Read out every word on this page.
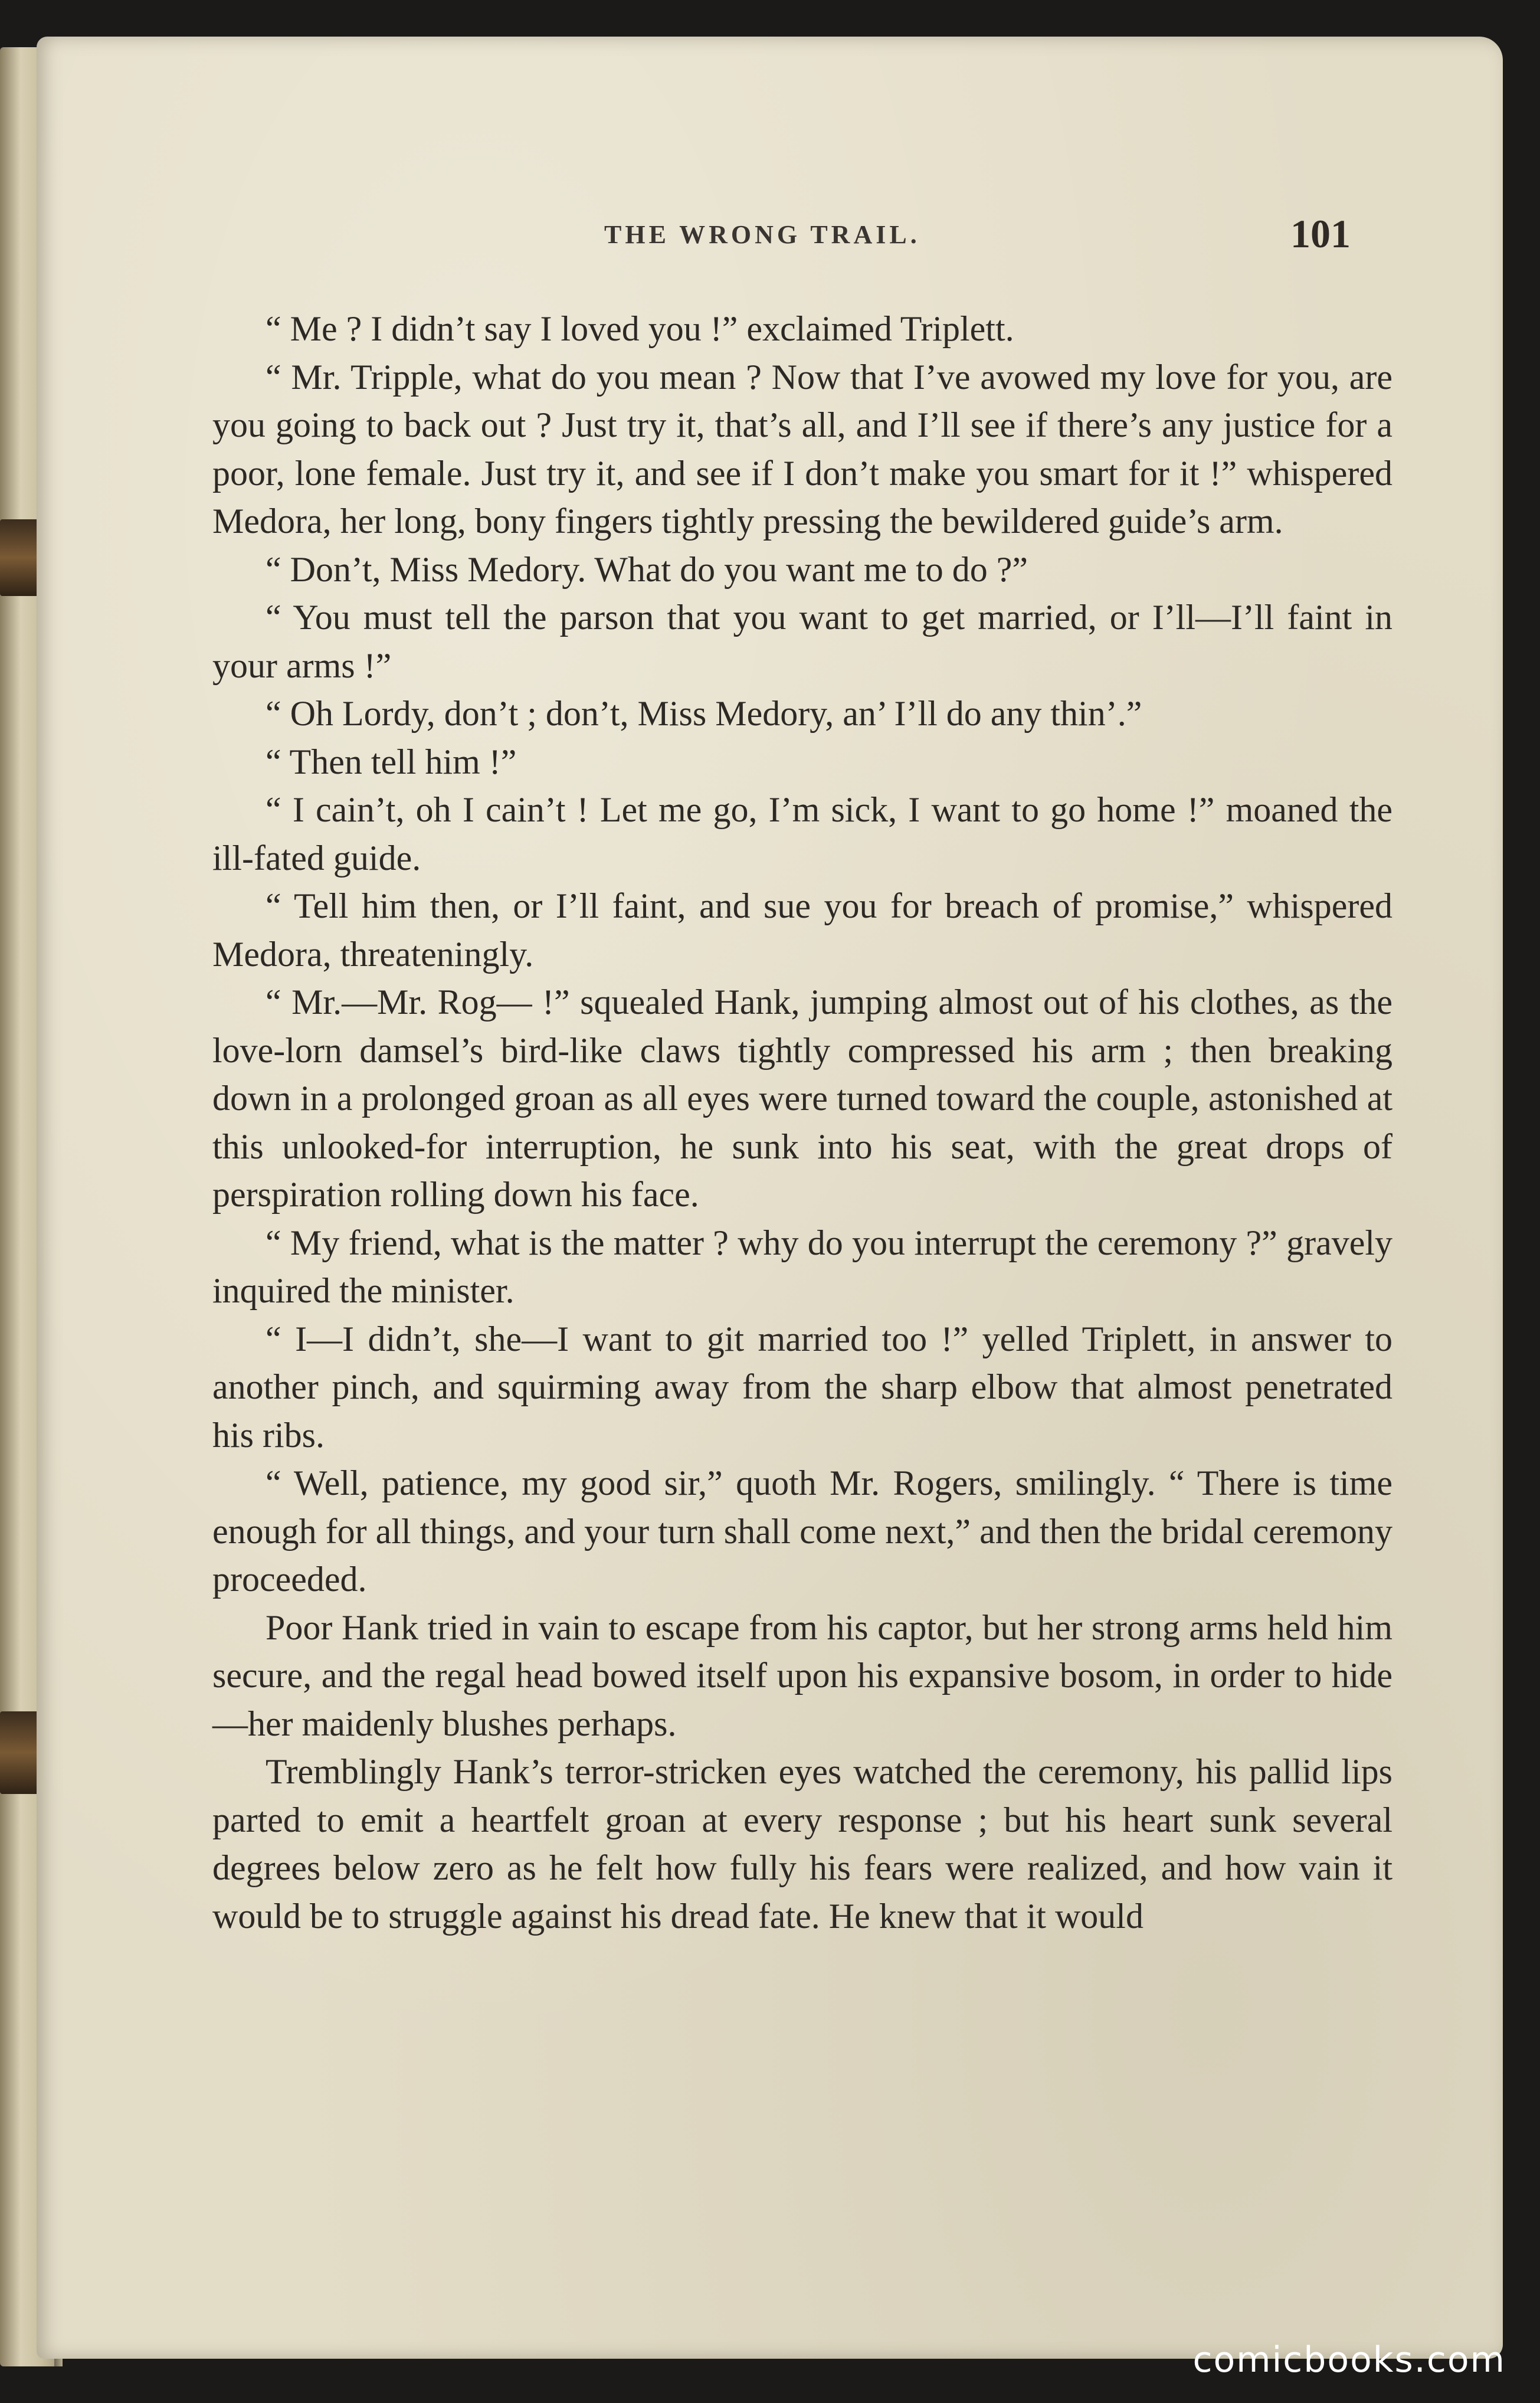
THE WRONG TRAIL.	101

“ Me ? I didn’t say I loved you !” exclaimed Triplett.

“ Mr. Tripple, what do you mean ? Now that I’ve avowed my love for you, are you going to back out ? Just try it, that’s all, and I’ll see if there’s any justice for a poor, lone female. Just try it, and see if I don’t make you smart for it !” whispered Medora, her long, bony fingers tightly pressing the bewildered guide’s arm.

“ Don’t, Miss Medory. What do you want me to do ?”

“ You must tell the parson that you want to get married, or I’ll—I’ll faint in your arms !”

“ Oh Lordy, don’t ; don’t, Miss Medory, an’ I’ll do any thin’.”

“ Then tell him !”

“ I cain’t, oh I cain’t ! Let me go, I’m sick, I want to go home !” moaned the ill-fated guide.

“ Tell him then, or I’ll faint, and sue you for breach of promise,” whispered Medora, threateningly.

“ Mr.—Mr. Rog— !” squealed Hank, jumping almost out of his clothes, as the love-lorn damsel’s bird-like claws tightly compressed his arm ; then breaking down in a prolonged groan as all eyes were turned toward the couple, astonished at this unlooked-for interruption, he sunk into his seat, with the great drops of perspiration rolling down his face.

“ My friend, what is the matter ? why do you interrupt the ceremony ?” gravely inquired the minister.

“ I—I didn’t, she—I want to git married too !” yelled Triplett, in answer to another pinch, and squirming away from the sharp elbow that almost penetrated his ribs.

“ Well, patience, my good sir,” quoth Mr. Rogers, smilingly. “ There is time enough for all things, and your turn shall come next,” and then the bridal ceremony proceeded.

Poor Hank tried in vain to escape from his captor, but her strong arms held him secure, and the regal head bowed itself upon his expansive bosom, in order to hide—her maidenly blushes perhaps.

Tremblingly Hank’s terror-stricken eyes watched the ceremony, his pallid lips parted to emit a heartfelt groan at every response ; but his heart sunk several degrees below zero as he felt how fully his fears were realized, and how vain it would be to struggle against his dread fate. He knew that it would

comicbooks.com
